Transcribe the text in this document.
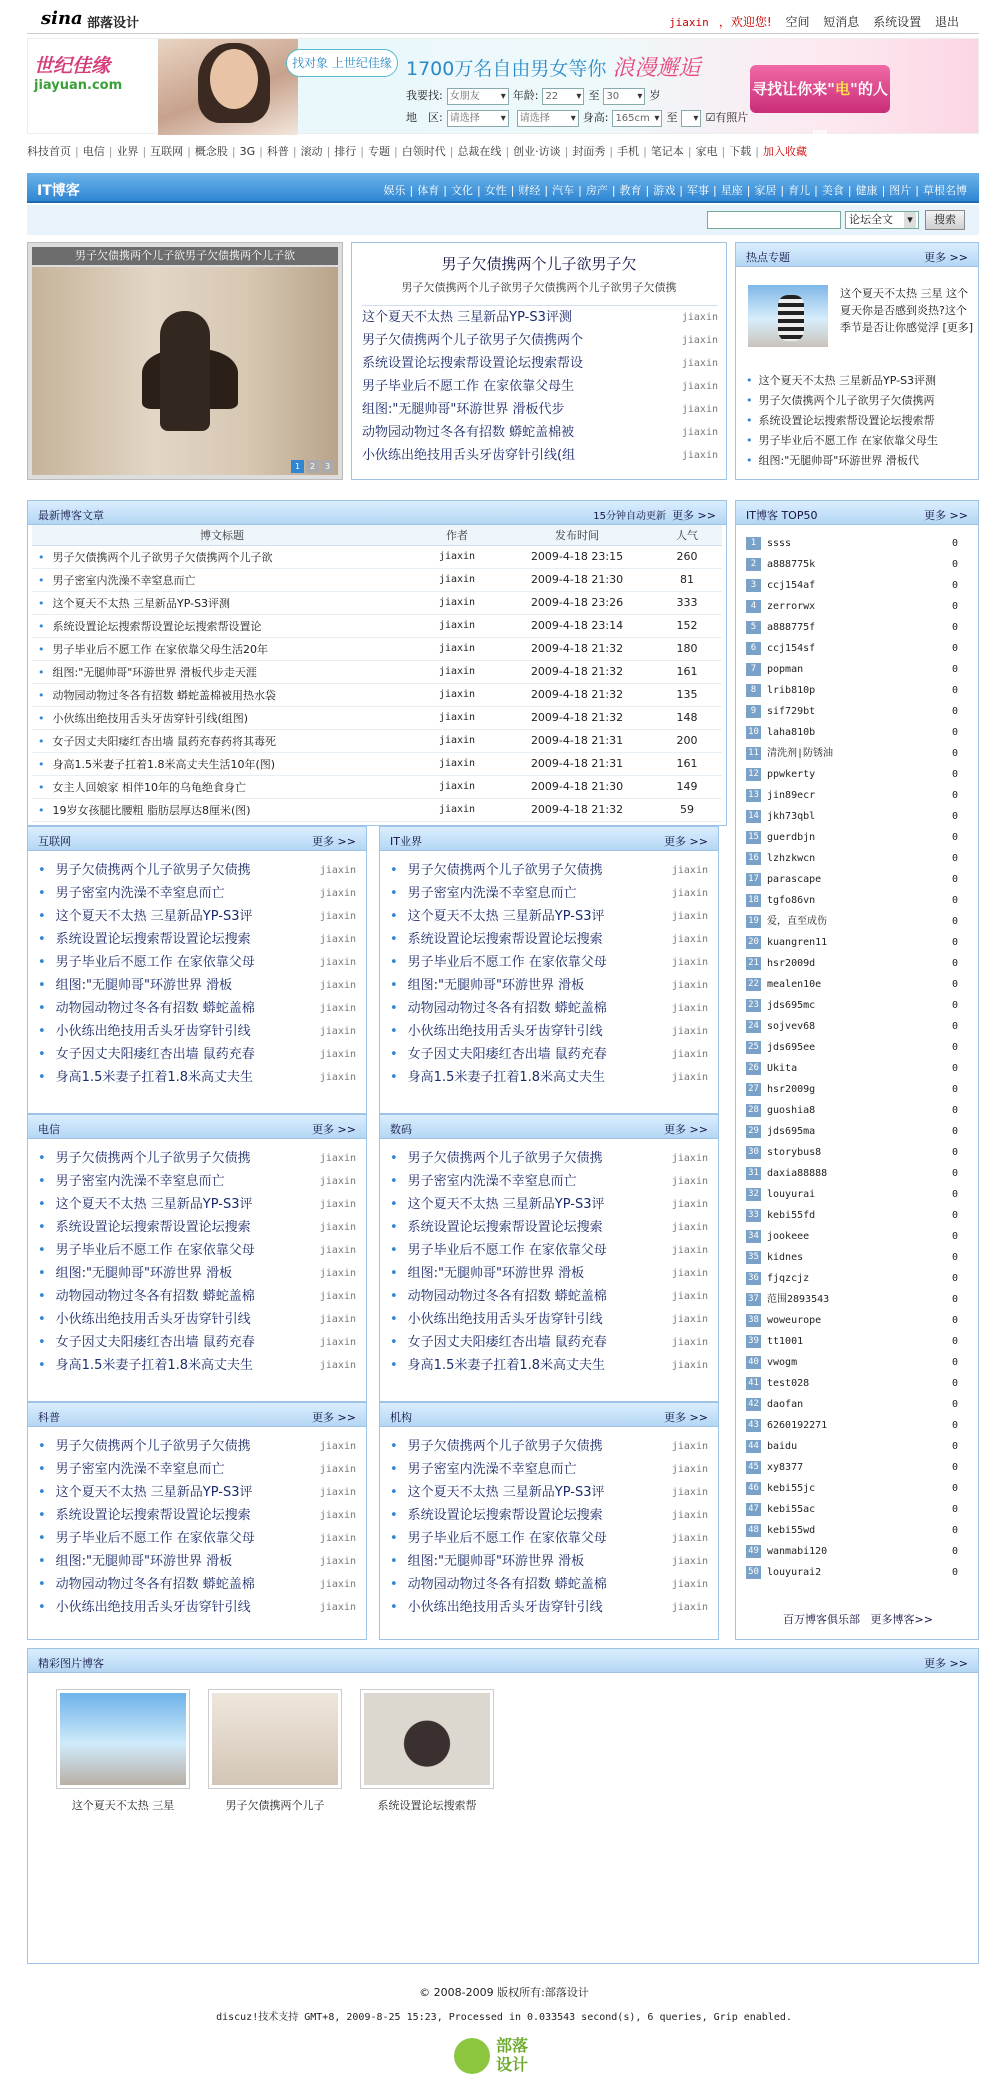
sina 部落设计	jiaxin ，欢迎您! 空间 短消息 系统设置 退出
世纪佳缘
jiayuan.com
找对象 上世纪佳缘 1700万名自由男女等你 浪漫邂逅
我要找: 女朋友 ▾	年龄: 22 ▾	至 30 ▾	岁
地　区: 请选择 ▾	请选择 ▾	身高: 165cm ▾ 至 ▾	☑有照片
寻找让你来"电"的人吧
科技首页 | 电信 | 业界 | 互联网 | 概念股 | 3G | 科普 | 滚动 | 排行 | 专题 | 白领时代 | 总裁在线 | 创业·访谈 | 封面秀 | 手机 | 笔记本 | 家电 | 下载 | 加入收藏
IT博客	娱乐 | 体育 | 文化 | 女性 | 财经 | 汽车 | 房产 | 教育 | 游戏 | 军事 | 星座 | 家居 | 育儿 | 美食 | 健康 | 图片 | 草根名博
论坛全文 ▾	搜索
男子欠债携两个儿子欲男子欠债携两个儿子欲
1 2 3
男子欠债携两个儿子欲男子欠
男子欠债携两个儿子欲男子欠债携两个儿子欲男子欠债携
这个夏天不太热 三星新品YP-S3评测	jiaxin
男子欠债携两个儿子欲男子欠债携两个	jiaxin
系统设置论坛搜索帮设置论坛搜索帮设	jiaxin
男子毕业后不愿工作 在家依靠父母生	jiaxin
组图:"无腿帅哥"环游世界 滑板代步	jiaxin
动物园动物过冬各有招数 蟒蛇盖棉被	jiaxin
小伙练出绝技用舌头牙齿穿针引线(组	jiaxin
热点专题	更多 >>
这个夏天不太热 三星 这个夏天你是否感到炎热?这个季节是否让你感觉浮 [更多]
• 这个夏天不太热 三星新品YP-S3评测
• 男子欠债携两个儿子欲男子欠债携两
• 系统设置论坛搜索帮设置论坛搜索帮
• 男子毕业后不愿工作 在家依靠父母生
• 组图:"无腿帅哥"环游世界 滑板代
最新博客文章	15分钟自动更新 更多 >>
博文标题	作者	发布时间	人气
• 男子欠债携两个儿子欲男子欠债携两个儿子欲	jiaxin	2009-4-18 23:15	260
• 男子密室内洗澡不幸窒息而亡	jiaxin	2009-4-18 21:30	81
• 这个夏天不太热 三星新品YP-S3评测	jiaxin	2009-4-18 23:26	333
• 系统设置论坛搜索帮设置论坛搜索帮设置论	jiaxin	2009-4-18 23:14	152
• 男子毕业后不愿工作 在家依靠父母生活20年	jiaxin	2009-4-18 21:32	180
• 组图:"无腿帅哥"环游世界 滑板代步走天涯	jiaxin	2009-4-18 21:32	161
• 动物园动物过冬各有招数 蟒蛇盖棉被用热水袋	jiaxin	2009-4-18 21:32	135
• 小伙练出绝技用舌头牙齿穿针引线(组图)	jiaxin	2009-4-18 21:32	148
• 女子因丈夫阳痿红杏出墙 鼠药充春药将其毒死	jiaxin	2009-4-18 21:31	200
• 身高1.5米妻子扛着1.8米高丈夫生活10年(图)	jiaxin	2009-4-18 21:31	161
• 女主人回娘家 相伴10年的乌龟绝食身亡	jiaxin	2009-4-18 21:30	149
• 19岁女孩腿比腰粗 脂肪层厚达8厘米(图)	jiaxin	2009-4-18 21:32	59
互联网	更多 >>
• 男子欠债携两个儿子欲男子欠债携	jiaxin
• 男子密室内洗澡不幸窒息而亡	jiaxin
• 这个夏天不太热 三星新品YP-S3评	jiaxin
• 系统设置论坛搜索帮设置论坛搜索	jiaxin
• 男子毕业后不愿工作 在家依靠父母	jiaxin
• 组图:"无腿帅哥"环游世界 滑板	jiaxin
• 动物园动物过冬各有招数 蟒蛇盖棉	jiaxin
• 小伙练出绝技用舌头牙齿穿针引线	jiaxin
• 女子因丈夫阳痿红杏出墙 鼠药充春	jiaxin
• 身高1.5米妻子扛着1.8米高丈夫生	jiaxin
IT业界	更多 >>
• 男子欠债携两个儿子欲男子欠债携	jiaxin
• 男子密室内洗澡不幸窒息而亡	jiaxin
• 这个夏天不太热 三星新品YP-S3评	jiaxin
• 系统设置论坛搜索帮设置论坛搜索	jiaxin
• 男子毕业后不愿工作 在家依靠父母	jiaxin
• 组图:"无腿帅哥"环游世界 滑板	jiaxin
• 动物园动物过冬各有招数 蟒蛇盖棉	jiaxin
• 小伙练出绝技用舌头牙齿穿针引线	jiaxin
• 女子因丈夫阳痿红杏出墙 鼠药充春	jiaxin
• 身高1.5米妻子扛着1.8米高丈夫生	jiaxin
电信	更多 >>
• 男子欠债携两个儿子欲男子欠债携	jiaxin
• 男子密室内洗澡不幸窒息而亡	jiaxin
• 这个夏天不太热 三星新品YP-S3评	jiaxin
• 系统设置论坛搜索帮设置论坛搜索	jiaxin
• 男子毕业后不愿工作 在家依靠父母	jiaxin
• 组图:"无腿帅哥"环游世界 滑板	jiaxin
• 动物园动物过冬各有招数 蟒蛇盖棉	jiaxin
• 小伙练出绝技用舌头牙齿穿针引线	jiaxin
• 女子因丈夫阳痿红杏出墙 鼠药充春	jiaxin
• 身高1.5米妻子扛着1.8米高丈夫生	jiaxin
数码	更多 >>
• 男子欠债携两个儿子欲男子欠债携	jiaxin
• 男子密室内洗澡不幸窒息而亡	jiaxin
• 这个夏天不太热 三星新品YP-S3评	jiaxin
• 系统设置论坛搜索帮设置论坛搜索	jiaxin
• 男子毕业后不愿工作 在家依靠父母	jiaxin
• 组图:"无腿帅哥"环游世界 滑板	jiaxin
• 动物园动物过冬各有招数 蟒蛇盖棉	jiaxin
• 小伙练出绝技用舌头牙齿穿针引线	jiaxin
• 女子因丈夫阳痿红杏出墙 鼠药充春	jiaxin
• 身高1.5米妻子扛着1.8米高丈夫生	jiaxin
科普	更多 >>
• 男子欠债携两个儿子欲男子欠债携	jiaxin
• 男子密室内洗澡不幸窒息而亡	jiaxin
• 这个夏天不太热 三星新品YP-S3评	jiaxin
• 系统设置论坛搜索帮设置论坛搜索	jiaxin
• 男子毕业后不愿工作 在家依靠父母	jiaxin
• 组图:"无腿帅哥"环游世界 滑板	jiaxin
• 动物园动物过冬各有招数 蟒蛇盖棉	jiaxin
• 小伙练出绝技用舌头牙齿穿针引线	jiaxin
机构	更多 >>
• 男子欠债携两个儿子欲男子欠债携	jiaxin
• 男子密室内洗澡不幸窒息而亡	jiaxin
• 这个夏天不太热 三星新品YP-S3评	jiaxin
• 系统设置论坛搜索帮设置论坛搜索	jiaxin
• 男子毕业后不愿工作 在家依靠父母	jiaxin
• 组图:"无腿帅哥"环游世界 滑板	jiaxin
• 动物园动物过冬各有招数 蟒蛇盖棉	jiaxin
• 小伙练出绝技用舌头牙齿穿针引线	jiaxin
IT博客 TOP50	更多 >>
1 ssss	0
2 a888775k	0
3 ccj154af	0
4 zerrorwx	0
5 a888775f	0
6 ccj154sf	0
7 popman	0
8 lrib810p	0
9 sif729bt	0
10 laha810b	0
11 清洗剂|防锈油	0
12 ppwkerty	0
13 jin89ecr	0
14 jkh73qbl	0
15 guerdbjn	0
16 lzhzkwcn	0
17 parascape	0
18 tgfo86vn	0
19 爱，直至成伤	0
20 kuangren11	0
21 hsr2009d	0
22 mealen10e	0
23 jds695mc	0
24 sojvev68	0
25 jds695ee	0
26 Ukita	0
27 hsr2009g	0
28 guoshia8	0
29 jds695ma	0
30 storybus8	0
31 daxia88888	0
32 louyurai	0
33 kebi55fd	0
34 jookeee	0
35 kidnes	0
36 fjqzcjz	0
37 范围2893543	0
38 woweurope	0
39 tt1001	0
40 vwogm	0
41 test028	0
42 daofan	0
43 6260192271	0
44 baidu	0
45 xy8377	0
46 kebi55jc	0
47 kebi55ac	0
48 kebi55wd	0
49 wanmabi120	0
50 louyurai2	0
百万博客俱乐部 更多博客>>
精彩图片博客	更多 >>
这个夏天不太热 三星	男子欠债携两个儿子	系统设置论坛搜索帮
© 2008-2009 版权所有:部落设计
discuz!技术支持 GMT+8, 2009-8-25 15:23, Processed in 0.033543 second(s), 6 queries, Grip enabled.
部落
设计
